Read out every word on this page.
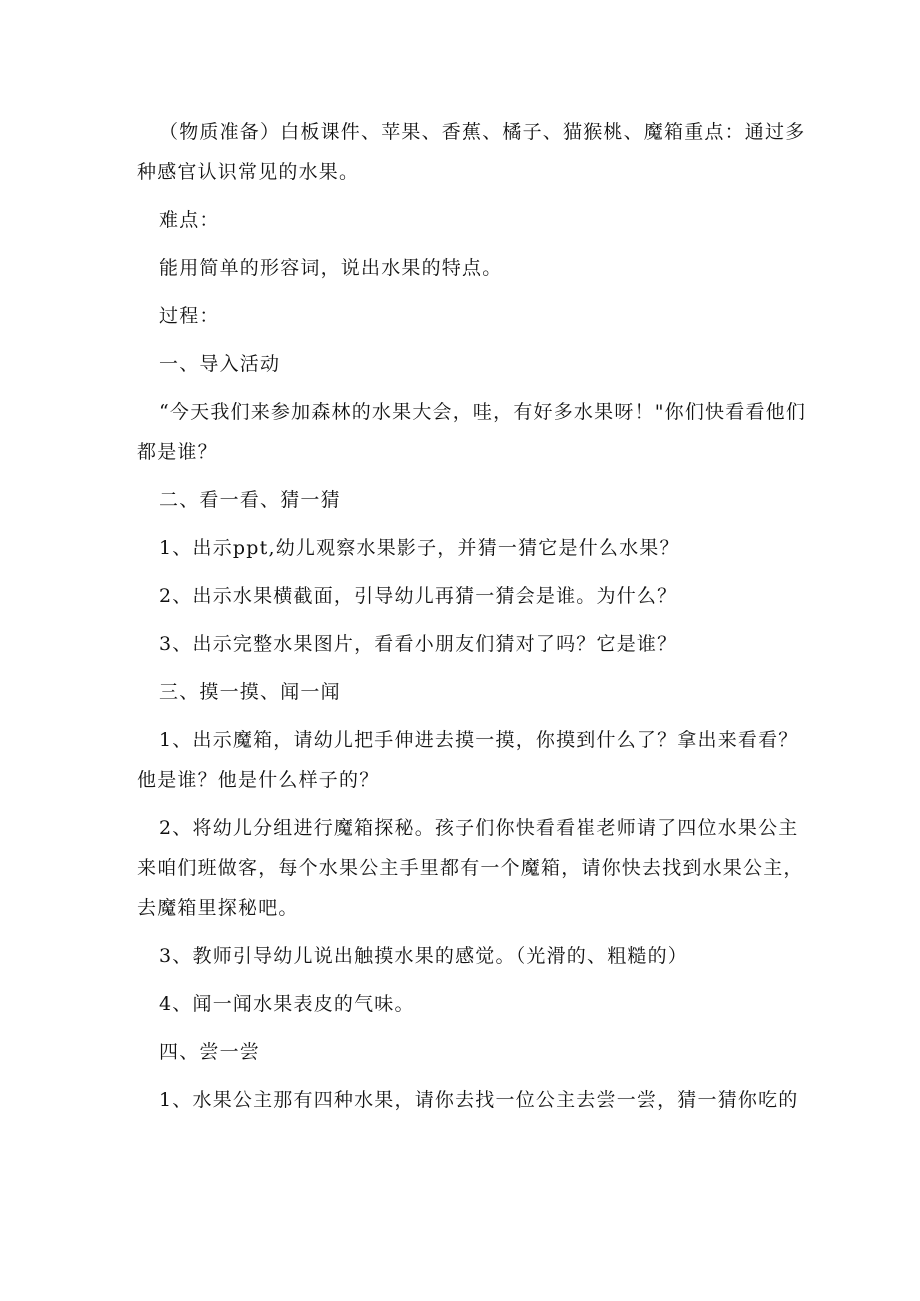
（物质准备）白板课件、苹果、香蕉、橘子、猫猴桃、魔箱重点：通过多种感官认识常见的水果。

难点：

能用简单的形容词，说出水果的特点。

过程：

一、导入活动

“今天我们来参加森林的水果大会，哇，有好多水果呀！"你们快看看他们都是谁？

二、看一看、猜一猜

1、出示ppt,幼儿观察水果影子，并猜一猜它是什么水果？

2、出示水果横截面，引导幼儿再猜一猜会是谁。为什么？

3、出示完整水果图片，看看小朋友们猜对了吗？它是谁？

三、摸一摸、闻一闻

1、出示魔箱，请幼儿把手伸进去摸一摸，你摸到什么了？拿出来看看？他是谁？他是什么样子的？

2、将幼儿分组进行魔箱探秘。孩子们你快看看崔老师请了四位水果公主来咱们班做客，每个水果公主手里都有一个魔箱，请你快去找到水果公主，去魔箱里探秘吧。

3、教师引导幼儿说出触摸水果的感觉。（光滑的、粗糙的）

4、闻一闻水果表皮的气味。

四、尝一尝

1、水果公主那有四种水果，请你去找一位公主去尝一尝，猜一猜你吃的
